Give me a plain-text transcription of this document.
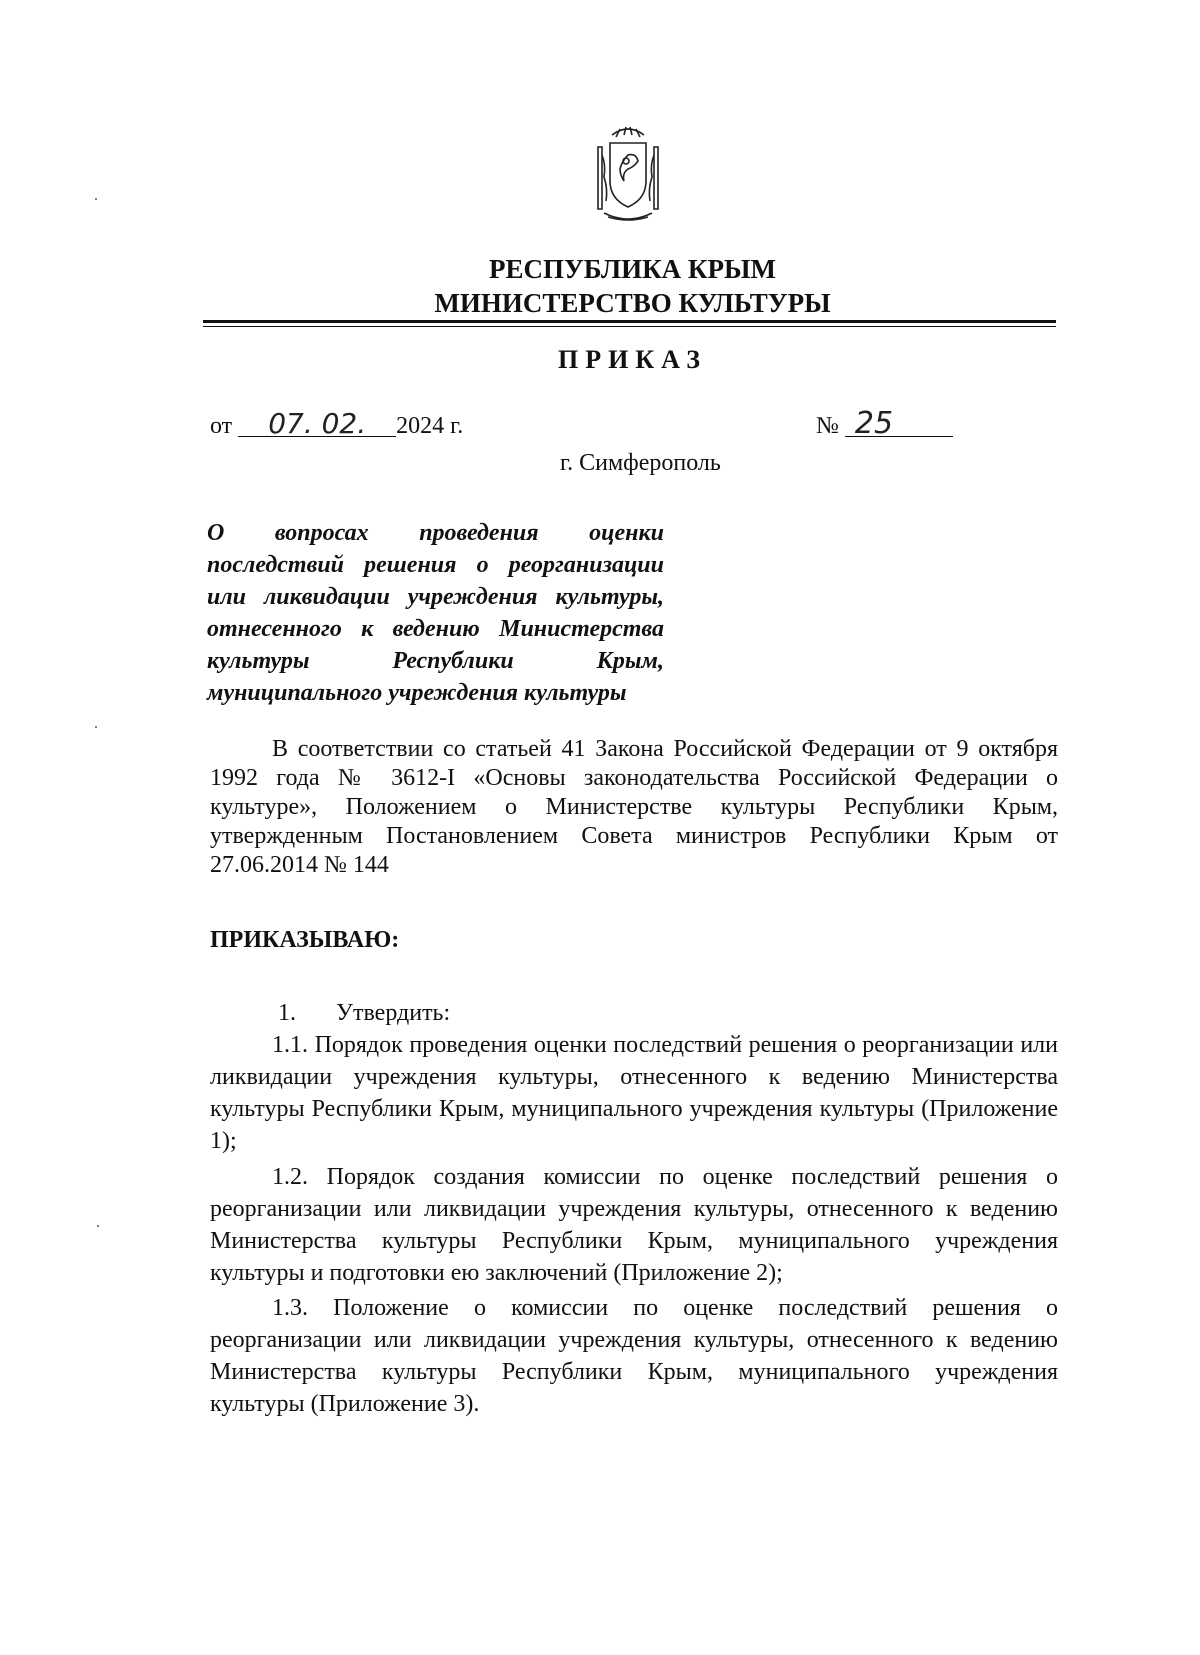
РЕСПУБЛИКА КРЫМ
МИНИСТЕРСТВО КУЛЬТУРЫ
ПРИКАЗ
от 07. 02. 2024 г.	№ 25
г. Симферополь
О вопросах проведения оценки
последствий решения о реорганизации
или ликвидации учреждения культуры,
отнесенного к ведению Министерства
культуры Республики Крым,
муниципального учреждения культуры
В соответствии со статьей 41 Закона Российской Федерации от 9 октября 1992 года № 3612-I «Основы законодательства Российской Федерации о культуре», Положением о Министерстве культуры Республики Крым, утвержденным Постановлением Совета министров Республики Крым от 27.06.2014 № 144
ПРИКАЗЫВАЮ:
1. Утвердить:
1.1. Порядок проведения оценки последствий решения о реорганизации или ликвидации учреждения культуры, отнесенного к ведению Министерства культуры Республики Крым, муниципального учреждения культуры (Приложение 1);
1.2. Порядок создания комиссии по оценке последствий решения о реорганизации или ликвидации учреждения культуры, отнесенного к ведению Министерства культуры Республики Крым, муниципального учреждения культуры и подготовки ею заключений (Приложение 2);
1.3. Положение о комиссии по оценке последствий решения о реорганизации или ликвидации учреждения культуры, отнесенного к ведению Министерства культуры Республики Крым, муниципального учреждения культуры (Приложение 3).
